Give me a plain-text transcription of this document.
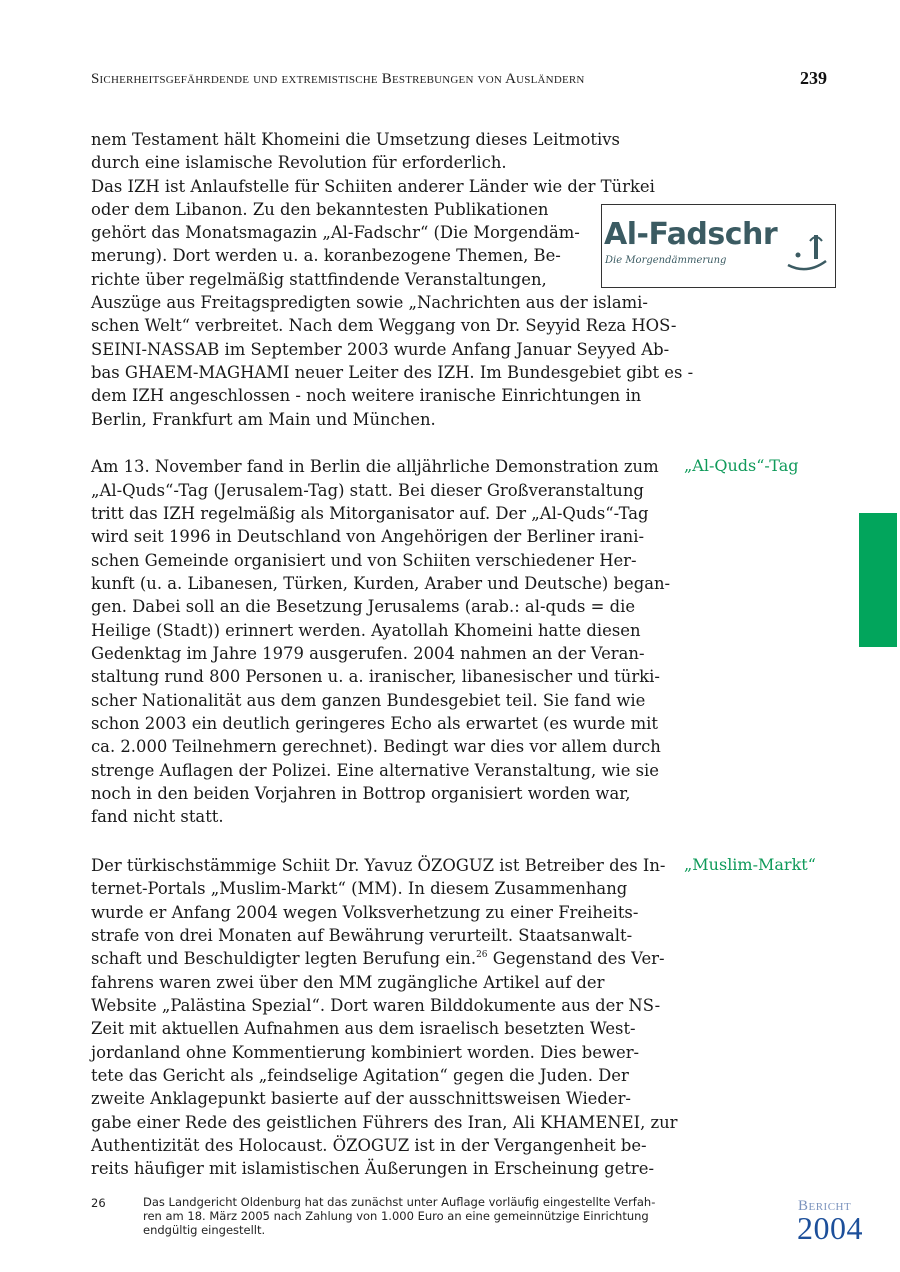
Sicherheitsgefährdende und extremistische Bestrebungen von Ausländern	239
Al-Fadschr
Die Morgendämmerung
nem Testament hält Khomeini die Umsetzung dieses Leitmotivs
durch eine islamische Revolution für erforderlich.
Das IZH ist Anlaufstelle für Schiiten anderer Länder wie der Türkei
oder dem Libanon. Zu den bekanntesten Publikationen
gehört das Monatsmagazin „Al-Fadschr“ (Die Morgendäm-
merung). Dort werden u. a. koranbezogene Themen, Be-
richte über regelmäßig stattfindende Veranstaltungen,
Auszüge aus Freitagspredigten sowie „Nachrichten aus der islami-
schen Welt“ verbreitet. Nach dem Weggang von Dr. Seyyid Reza HOS-
SEINI-NASSAB im September 2003 wurde Anfang Januar Seyyed Ab-
bas GHAEM-MAGHAMI neuer Leiter des IZH. Im Bundesgebiet gibt es -
dem IZH angeschlossen - noch weitere iranische Einrichtungen in
Berlin, Frankfurt am Main und München.
„Al-Quds“-Tag
Am 13. November fand in Berlin die alljährliche Demonstration zum
„Al-Quds“-Tag (Jerusalem-Tag) statt. Bei dieser Großveranstaltung
tritt das IZH regelmäßig als Mitorganisator auf. Der „Al-Quds“-Tag
wird seit 1996 in Deutschland von Angehörigen der Berliner irani-
schen Gemeinde organisiert und von Schiiten verschiedener Her-
kunft (u. a. Libanesen, Türken, Kurden, Araber und Deutsche) began-
gen. Dabei soll an die Besetzung Jerusalems (arab.: al-quds = die
Heilige (Stadt)) erinnert werden. Ayatollah Khomeini hatte diesen
Gedenktag im Jahre 1979 ausgerufen. 2004 nahmen an der Veran-
staltung rund 800 Personen u. a. iranischer, libanesischer und türki-
scher Nationalität aus dem ganzen Bundesgebiet teil. Sie fand wie
schon 2003 ein deutlich geringeres Echo als erwartet (es wurde mit
ca. 2.000 Teilnehmern gerechnet). Bedingt war dies vor allem durch
strenge Auflagen der Polizei. Eine alternative Veranstaltung, wie sie
noch in den beiden Vorjahren in Bottrop organisiert worden war,
fand nicht statt.
„Muslim-Markt“
Der türkischstämmige Schiit Dr. Yavuz ÖZOGUZ ist Betreiber des In-
ternet-Portals „Muslim-Markt“ (MM). In diesem Zusammenhang
wurde er Anfang 2004 wegen Volksverhetzung zu einer Freiheits-
strafe von drei Monaten auf Bewährung verurteilt. Staatsanwalt-
schaft und Beschuldigter legten Berufung ein.$^{26}$ Gegenstand des Ver-
fahrens waren zwei über den MM zugängliche Artikel auf der
Website „Palästina Spezial“. Dort waren Bilddokumente aus der NS-
Zeit mit aktuellen Aufnahmen aus dem israelisch besetzten West-
jordanland ohne Kommentierung kombiniert worden. Dies bewer-
tete das Gericht als „feindselige Agitation“ gegen die Juden. Der
zweite Anklagepunkt basierte auf der ausschnittsweisen Wieder-
gabe einer Rede des geistlichen Führers des Iran, Ali KHAMENEI, zur
Authentizität des Holocaust. ÖZOGUZ ist in der Vergangenheit be-
reits häufiger mit islamistischen Äußerungen in Erscheinung getre-
26	Das Landgericht Oldenburg hat das zunächst unter Auflage vorläufig eingestellte Verfah-
ren am 18. März 2005 nach Zahlung von 1.000 Euro an eine gemeinnützige Einrichtung
endgültig eingestellt.
Bericht
2004
